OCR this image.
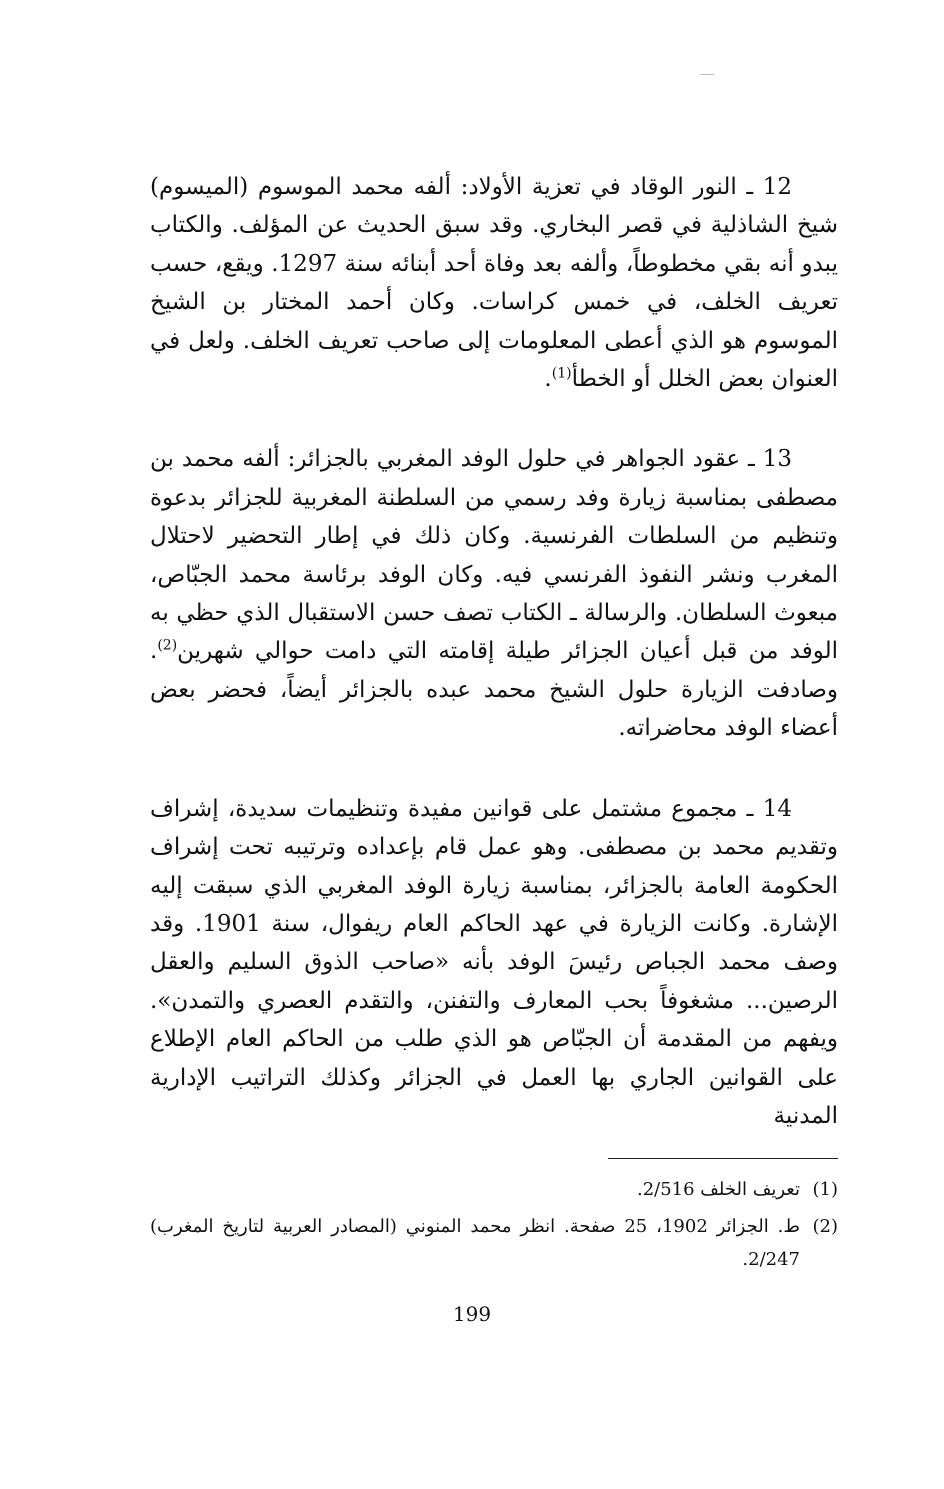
12 ـ النور الوقاد في تعزية الأولاد: ألفه محمد الموسوم (الميسوم) شيخ الشاذلية في قصر البخاري. وقد سبق الحديث عن المؤلف. والكتاب يبدو أنه بقي مخطوطاً، وألفه بعد وفاة أحد أبنائه سنة 1297. ويقع، حسب تعريف الخلف، في خمس كراسات. وكان أحمد المختار بن الشيخ الموسوم هو الذي أعطى المعلومات إلى صاحب تعريف الخلف. ولعل في العنوان بعض الخلل أو الخطأ$^{(1)}$.

13 ـ عقود الجواهر في حلول الوفد المغربي بالجزائر: ألفه محمد بن مصطفى بمناسبة زيارة وفد رسمي من السلطنة المغربية للجزائر بدعوة وتنظيم من السلطات الفرنسية. وكان ذلك في إطار التحضير لاحتلال المغرب ونشر النفوذ الفرنسي فيه. وكان الوفد برئاسة محمد الجبّاص، مبعوث السلطان. والرسالة ـ الكتاب تصف حسن الاستقبال الذي حظي به الوفد من قبل أعيان الجزائر طيلة إقامته التي دامت حوالي شهرين$^{(2)}$. وصادفت الزيارة حلول الشيخ محمد عبده بالجزائر أيضاً، فحضر بعض أعضاء الوفد محاضراته.

14 ـ مجموع مشتمل على قوانين مفيدة وتنظيمات سديدة، إشراف وتقديم محمد بن مصطفى. وهو عمل قام بإعداده وترتيبه تحت إشراف الحكومة العامة بالجزائر، بمناسبة زيارة الوفد المغربي الذي سبقت إليه الإشارة. وكانت الزيارة في عهد الحاكم العام ريفوال، سنة 1901. وقد وصف محمد الجباص رئيسَ الوفد بأنه «صاحب الذوق السليم والعقل الرصين... مشغوفاً بحب المعارف والتفنن، والتقدم العصري والتمدن». ويفهم من المقدمة أن الجبّاص هو الذي طلب من الحاكم العام الإطلاع على القوانين الجاري بها العمل في الجزائر وكذلك التراتيب الإدارية المدنية

(1)
تعريف الخلف 2/516.
(2)
ط. الجزائر 1902، 25 صفحة. انظر محمد المنوني (المصادر العربية لتاريخ المغرب) 2/247.
199
